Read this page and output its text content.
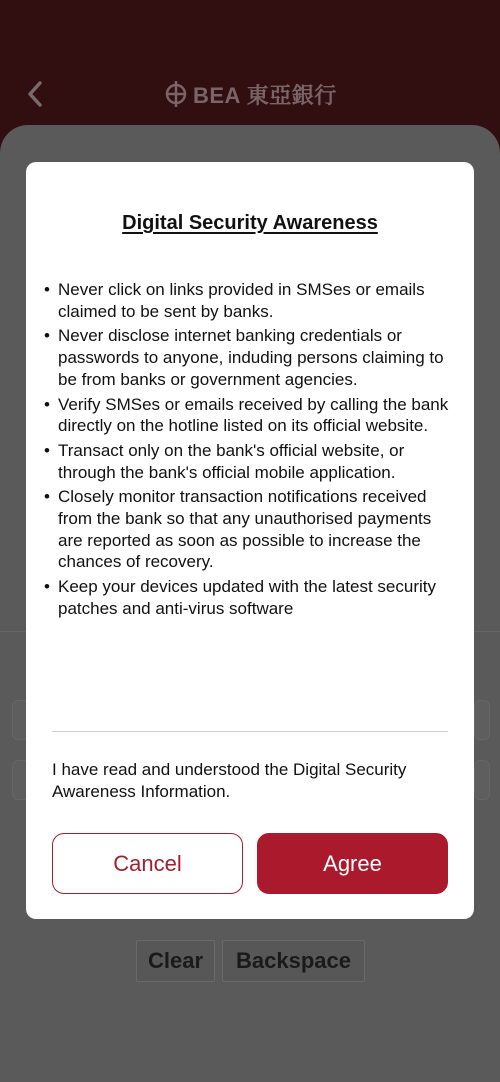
BEA 東亞銀行
Clear	Backspace
Digital Security Awareness
• Never click on links provided in SMSes or emails claimed to be sent by banks.
• Never disclose internet banking credentials or passwords to anyone, induding persons claiming to be from banks or government agencies.
• Verify SMSes or emails received by calling the bank directly on the hotline listed on its official website.
• Transact only on the bank's official website, or through the bank's official mobile application.
• Closely monitor transaction notifications received from the bank so that any unauthorised payments are reported as soon as possible to increase the chances of recovery.
• Keep your devices updated with the latest security patches and anti-virus software
I have read and understood the Digital Security Awareness Information.
Cancel	Agree
